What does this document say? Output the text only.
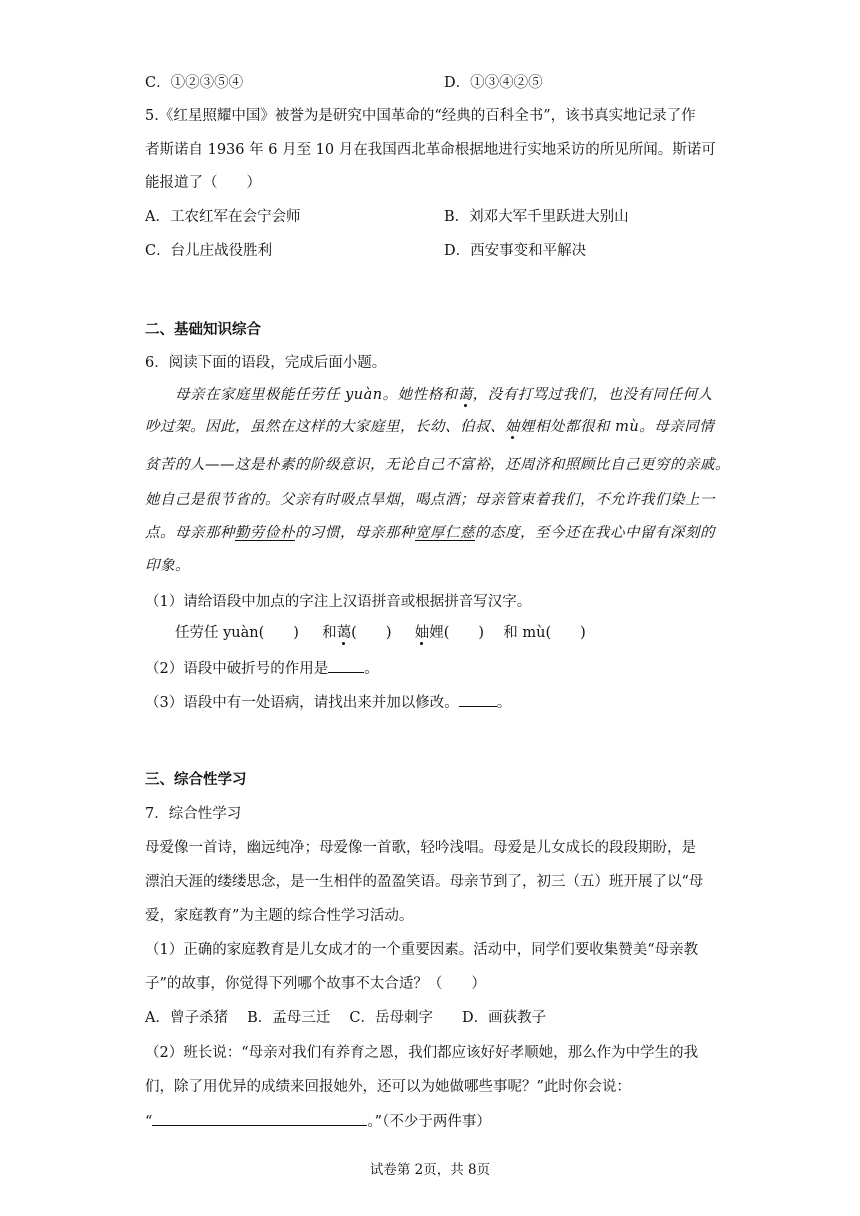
C．①②③⑤④	D．①③④②⑤
5.《红星照耀中国》被誉为是研究中国革命的“经典的百科全书”，该书真实地记录了作
者斯诺自 1936 年 6 月至 10 月在我国西北革命根据地进行实地采访的所见所闻。斯诺可
能报道了（　　）
A．工农红军在会宁会师	B．刘邓大军千里跃进大别山
C．台儿庄战役胜利	D．西安事变和平解决
二、基础知识综合
6．阅读下面的语段，完成后面小题。
母亲在家庭里极能任劳任 yuàn。她性格和蔼，没有打骂过我们，也没有同任何人
吵过架。因此，虽然在这样的大家庭里，长幼、伯叔、妯娌相处都很和 mù。母亲同情
贫苦的人——这是朴素的阶级意识，无论自己不富裕，还周济和照顾比自己更穷的亲戚。
她自己是很节省的。父亲有时吸点旱烟，喝点酒；母亲管束着我们，不允许我们染上一
点。母亲那种勤劳俭朴的习惯，母亲那种宽厚仁慈的态度，至今还在我心中留有深刻的
印象。
（1）请给语段中加点的字注上汉语拼音或根据拼音写汉字。
任劳任 yuàn(　　) 和蔼(　　) 妯娌(　　) 和 mù(　　)
（2）语段中破折号的作用是 。
（3）语段中有一处语病，请找出来并加以修改。	。
三、综合性学习
7．综合性学习
母爱像一首诗，幽远纯净；母爱像一首歌，轻吟浅唱。母爱是儿女成长的段段期盼，是
漂泊天涯的缕缕思念，是一生相伴的盈盈笑语。母亲节到了，初三（五）班开展了以“母
爱，家庭教育”为主题的综合性学习活动。
（1）正确的家庭教育是儿女成才的一个重要因素。活动中，同学们要收集赞美“母亲教
子”的故事，你觉得下列哪个故事不太合适？（　　）
A．曾子杀猪　 B．孟母三迁　 C．岳母刺字　　D．画荻教子
（2）班长说：“母亲对我们有养育之恩，我们都应该好好孝顺她，那么作为中学生的我
们，除了用优异的成绩来回报她外，还可以为她做哪些事呢？”此时你会说：
“	。”（不少于两件事）
试卷第 2页，共 8页
